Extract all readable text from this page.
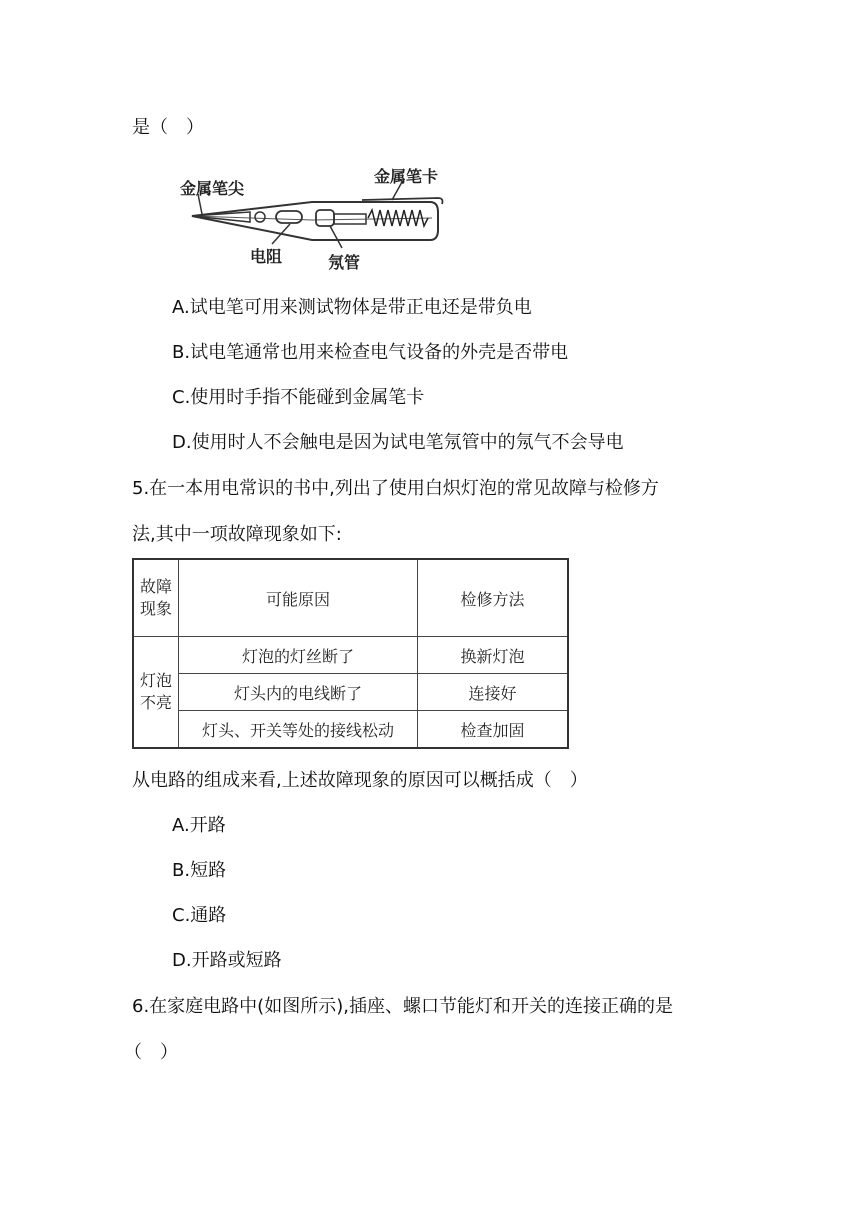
是（　）
金属笔尖
金属笔卡
电阻	氖管
A.试电笔可用来测试物体是带正电还是带负电
B.试电笔通常也用来检查电气设备的外壳是否带电
C.使用时手指不能碰到金属笔卡
D.使用时人不会触电是因为试电笔氖管中的氖气不会导电
5.在一本用电常识的书中,列出了使用白炽灯泡的常见故障与检修方
法,其中一项故障现象如下:
故障
现象	可能原因	检修方法
灯泡
不亮	灯泡的灯丝断了	换新灯泡
	灯头内的电线断了	连接好
	灯头、开关等处的接线松动	检查加固
从电路的组成来看,上述故障现象的原因可以概括成（　）
A.开路
B.短路
C.通路
D.开路或短路
6.在家庭电路中(如图所示),插座、螺口节能灯和开关的连接正确的是
（　）
